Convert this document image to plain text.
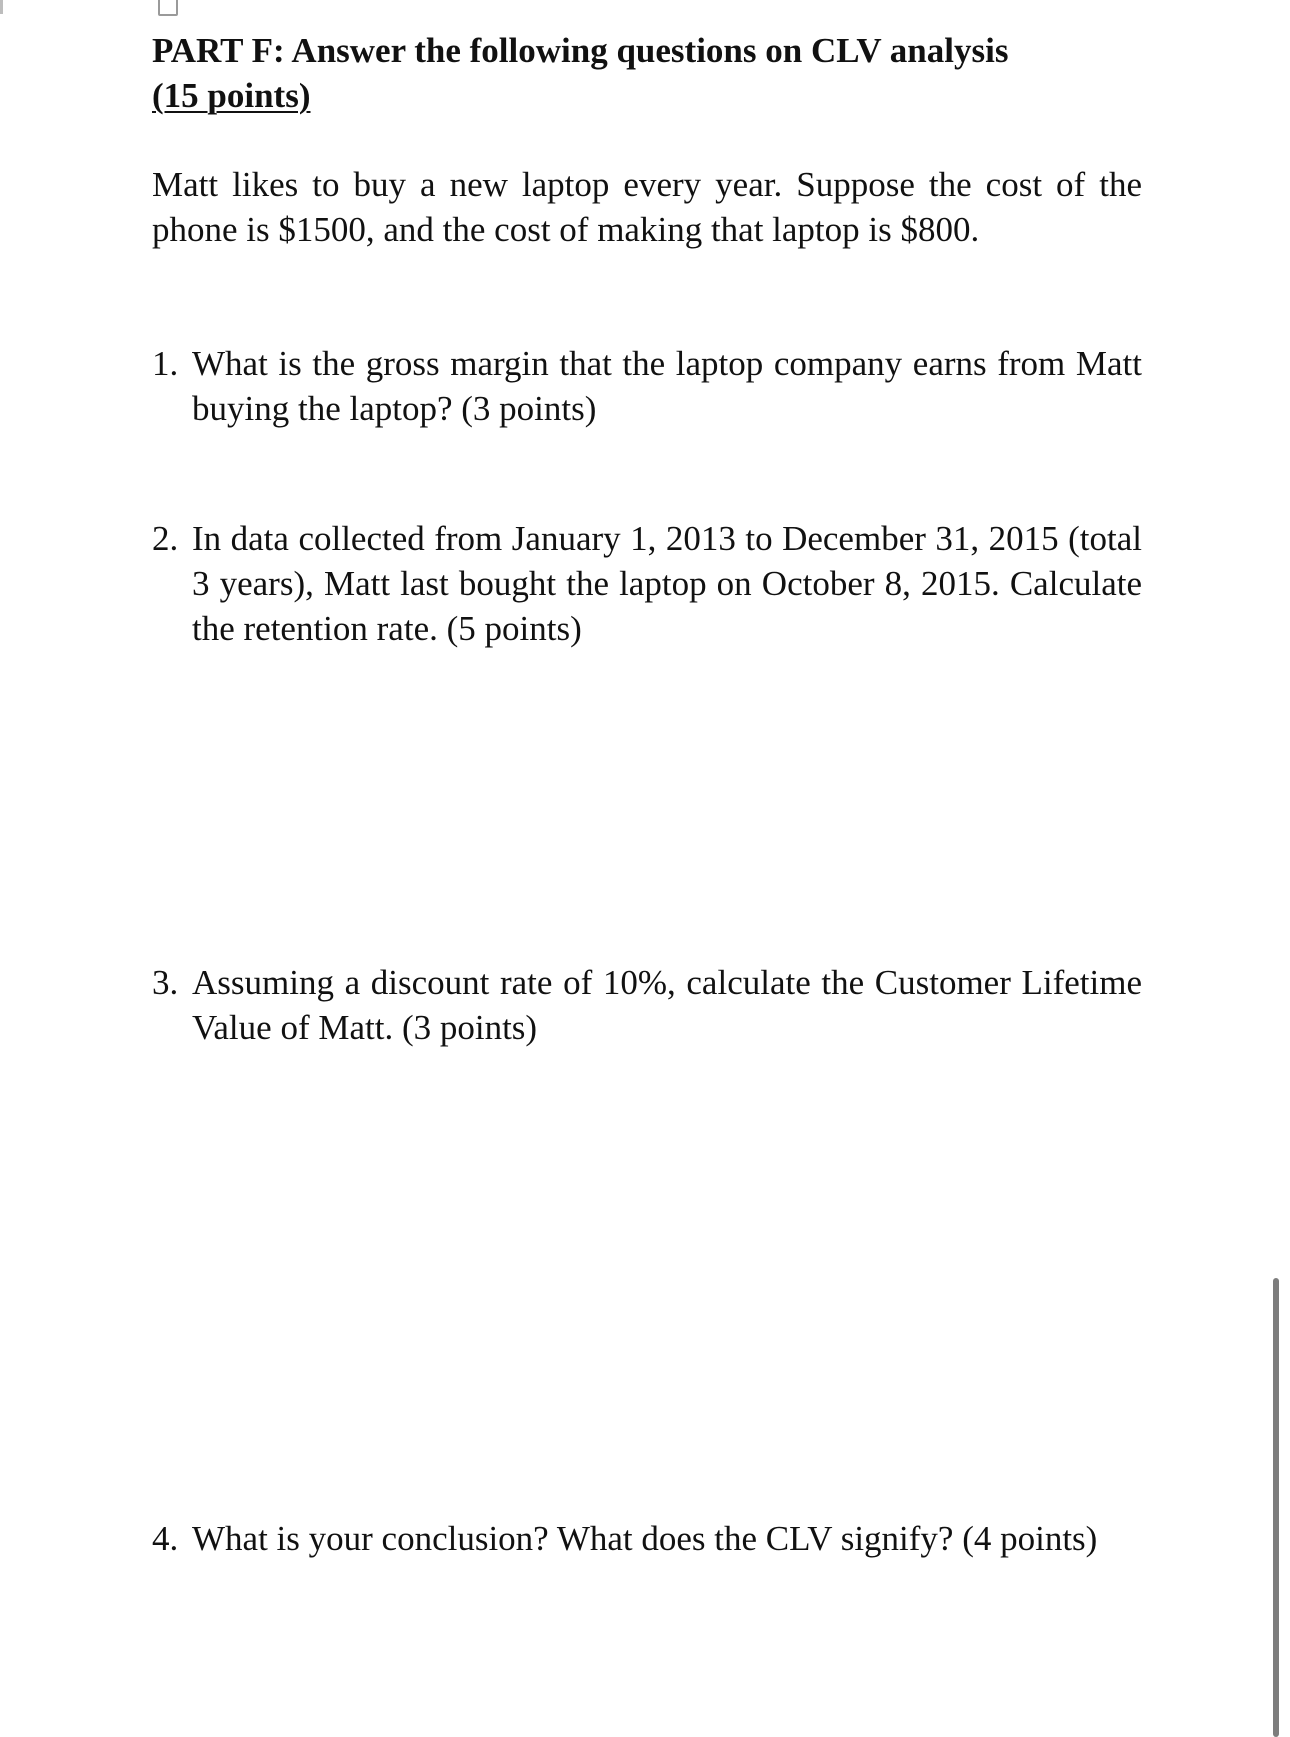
PART F: Answer the following questions on CLV analysis
(15 points)

Matt likes to buy a new laptop every year. Suppose the cost of the phone is $1500, and the cost of making that laptop is $800.

1. What is the gross margin that the laptop company earns from Matt buying the laptop? (3 points)
2. In data collected from January 1, 2013 to December 31, 2015 (total 3 years), Matt last bought the laptop on October 8, 2015. Calculate the retention rate. (5 points)
3. Assuming a discount rate of 10%, calculate the Customer Lifetime Value of Matt. (3 points)
4. What is your conclusion? What does the CLV signify? (4 points)
